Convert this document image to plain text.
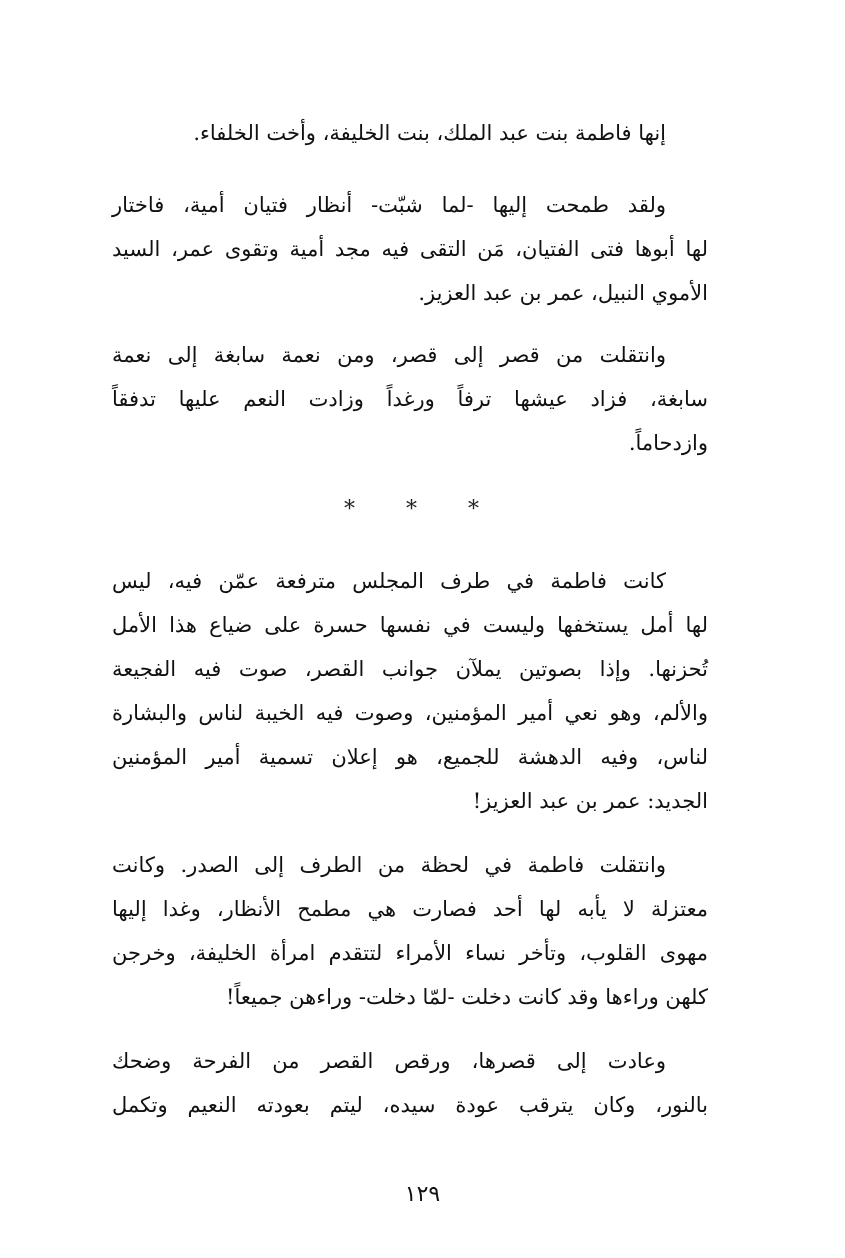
إنها فاطمة بنت عبد الملك، بنت الخليفة، وأخت الخلفاء.
ولقد طمحت إليها -لما شبّت- أنظار فتيان أمية، فاختار
لها أبوها فتى الفتيان، مَن التقى فيه مجد أمية وتقوى عمر، السيد
الأموي النبيل، عمر بن عبد العزيز.
وانتقلت من قصر إلى قصر، ومن نعمة سابغة إلى نعمة
سابغة، فزاد عيشها ترفاً ورغداً وزادت النعم عليها تدفقاً
وازدحاماً.
* * *
كانت فاطمة في طرف المجلس مترفعة عمّن فيه، ليس
لها أمل يستخفها وليست في نفسها حسرة على ضياع هذا الأمل
تُحزنها. وإذا بصوتين يملآن جوانب القصر، صوت فيه الفجيعة
والألم، وهو نعي أمير المؤمنين، وصوت فيه الخيبة لناس والبشارة
لناس، وفيه الدهشة للجميع، هو إعلان تسمية أمير المؤمنين
الجديد: عمر بن عبد العزيز!
وانتقلت فاطمة في لحظة من الطرف إلى الصدر. وكانت
معتزلة لا يأبه لها أحد فصارت هي مطمح الأنظار، وغدا إليها
مهوى القلوب، وتأخر نساء الأمراء لتتقدم امرأة الخليفة، وخرجن
كلهن وراءها وقد كانت دخلت -لمّا دخلت- وراءهن جميعاً!
وعادت إلى قصرها، ورقص القصر من الفرحة وضحك
بالنور، وكان يترقب عودة سيده، ليتم بعودته النعيم وتكمل
١٢٩
